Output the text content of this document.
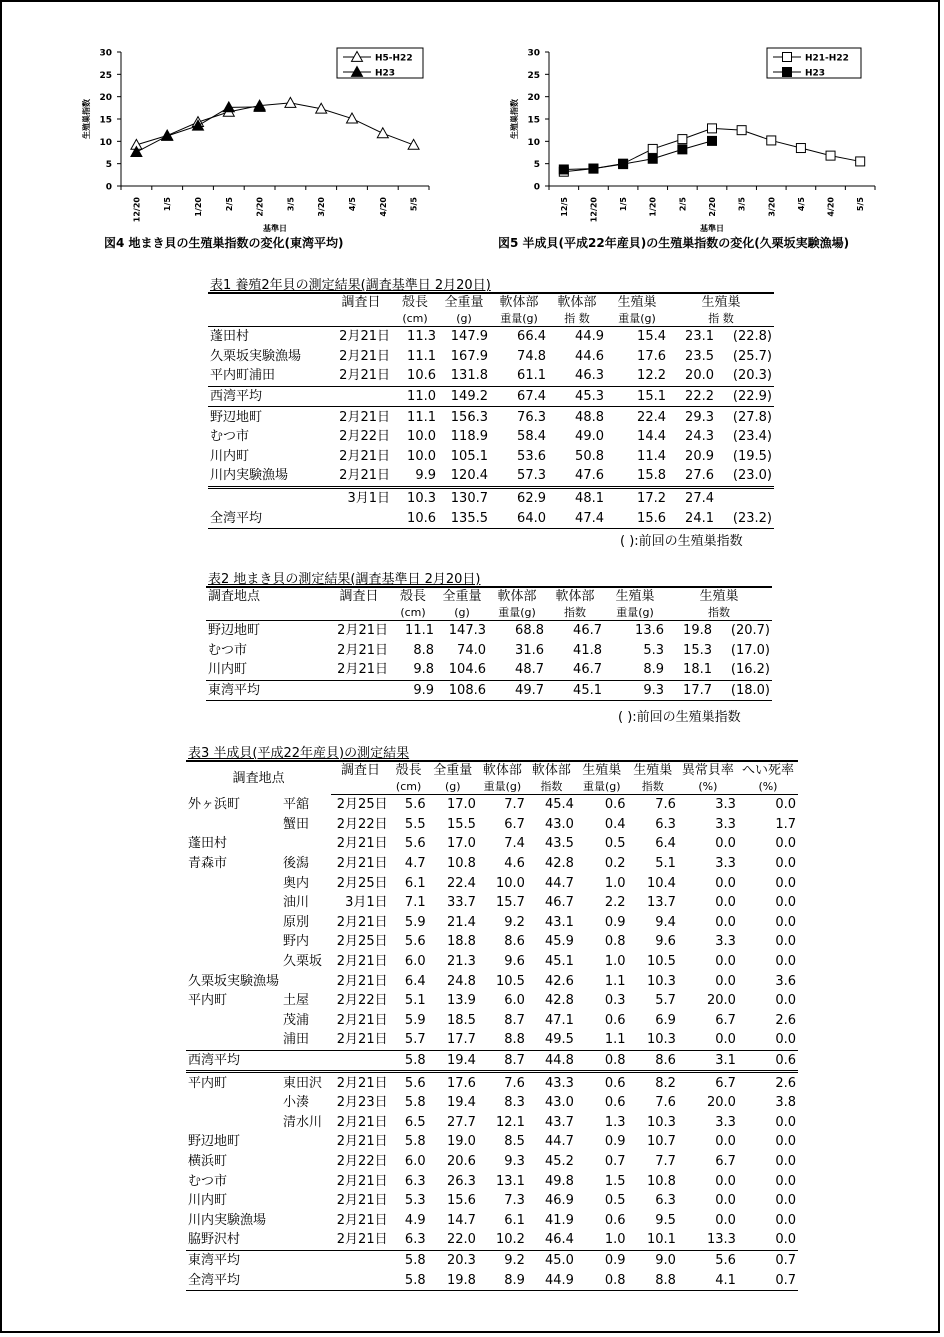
0
5
10
15
20
25
30
12/20	1/5	1/20	2/5	2/20	3/5	3/20	4/5	4/20	5/5
基準日
生殖巣指数
H5-H22
H23
図4 地まき貝の生殖巣指数の変化(東湾平均)
0
5
10
15
20
25
30
12/5	12/20	1/5	1/20	2/5	2/20	3/5	3/20	4/5	4/20	5/5
基準日
生殖巣指数
H21-H22
H23
図5 半成貝(平成22年産貝)の生殖巣指数の変化(久栗坂実験漁場)
表1 養殖2年貝の測定結果(調査基準日 2月20日)
	調査日	殻長	全重量	軟体部	軟体部	生殖巣	生殖巣	
		(cm)	(g)	重量(g)	指 数	重量(g)	指 数	
蓬田村	2月21日	11.3	147.9	66.4	44.9	15.4	23.1	(22.8)
久栗坂実験漁場	2月21日	11.1	167.9	74.8	44.6	17.6	23.5	(25.7)
平内町浦田	2月21日	10.6	131.8	61.1	46.3	12.2	20.0	(20.3)
西湾平均		11.0	149.2	67.4	45.3	15.1	22.2	(22.9)
野辺地町	2月21日	11.1	156.3	76.3	48.8	22.4	29.3	(27.8)
むつ市	2月22日	10.0	118.9	58.4	49.0	14.4	24.3	(23.4)
川内町	2月21日	10.0	105.1	53.6	50.8	11.4	20.9	(19.5)
川内実験漁場	2月21日	9.9	120.4	57.3	47.6	15.8	27.6	(23.0)
	3月1日	10.3	130.7	62.9	48.1	17.2	27.4	
全湾平均		10.6	135.5	64.0	47.4	15.6	24.1	(23.2)
( ):前回の生殖巣指数
表2 地まき貝の測定結果(調査基準日 2月20日)
調査地点	調査日	殻長	全重量	軟体部	軟体部	生殖巣	生殖巣	
		(cm)	(g)	重量(g)	指数	重量(g)	指数	
野辺地町	2月21日	11.1	147.3	68.8	46.7	13.6	19.8	(20.7)
むつ市	2月21日	8.8	74.0	31.6	41.8	5.3	15.3	(17.0)
川内町	2月21日	9.8	104.6	48.7	46.7	8.9	18.1	(16.2)
東湾平均		9.9	108.6	49.7	45.1	9.3	17.7	(18.0)
( ):前回の生殖巣指数
表3 半成貝(平成22年産貝)の測定結果
調査地点		調査日	殻長	全重量	軟体部	軟体部	生殖巣	生殖巣	異常貝率	へい死率
			(cm)	(g)	重量(g)	指数	重量(g)	指数	(%)	(%)
外ヶ浜町	平舘	2月25日	5.6	17.0	7.7	45.4	0.6	7.6	3.3	0.0
	蟹田	2月22日	5.5	15.5	6.7	43.0	0.4	6.3	3.3	1.7
蓬田村		2月21日	5.6	17.0	7.4	43.5	0.5	6.4	0.0	0.0
青森市	後潟	2月21日	4.7	10.8	4.6	42.8	0.2	5.1	3.3	0.0
	奥内	2月25日	6.1	22.4	10.0	44.7	1.0	10.4	0.0	0.0
	油川	3月1日	7.1	33.7	15.7	46.7	2.2	13.7	0.0	0.0
	原別	2月21日	5.9	21.4	9.2	43.1	0.9	9.4	0.0	0.0
	野内	2月25日	5.6	18.8	8.6	45.9	0.8	9.6	3.3	0.0
	久栗坂	2月21日	6.0	21.3	9.6	45.1	1.0	10.5	0.0	0.0
久栗坂実験漁場		2月21日	6.4	24.8	10.5	42.6	1.1	10.3	0.0	3.6
平内町	土屋	2月22日	5.1	13.9	6.0	42.8	0.3	5.7	20.0	0.0
	茂浦	2月21日	5.9	18.5	8.7	47.1	0.6	6.9	6.7	2.6
	浦田	2月21日	5.7	17.7	8.8	49.5	1.1	10.3	0.0	0.0
西湾平均			5.8	19.4	8.7	44.8	0.8	8.6	3.1	0.6
平内町	東田沢	2月21日	5.6	17.6	7.6	43.3	0.6	8.2	6.7	2.6
	小湊	2月23日	5.8	19.4	8.3	43.0	0.6	7.6	20.0	3.8
	清水川	2月21日	6.5	27.7	12.1	43.7	1.3	10.3	3.3	0.0
野辺地町		2月21日	5.8	19.0	8.5	44.7	0.9	10.7	0.0	0.0
横浜町		2月22日	6.0	20.6	9.3	45.2	0.7	7.7	6.7	0.0
むつ市		2月21日	6.3	26.3	13.1	49.8	1.5	10.8	0.0	0.0
川内町		2月21日	5.3	15.6	7.3	46.9	0.5	6.3	0.0	0.0
川内実験漁場		2月21日	4.9	14.7	6.1	41.9	0.6	9.5	0.0	0.0
脇野沢村		2月21日	6.3	22.0	10.2	46.4	1.0	10.1	13.3	0.0
東湾平均			5.8	20.3	9.2	45.0	0.9	9.0	5.6	0.7
全湾平均			5.8	19.8	8.9	44.9	0.8	8.8	4.1	0.7
